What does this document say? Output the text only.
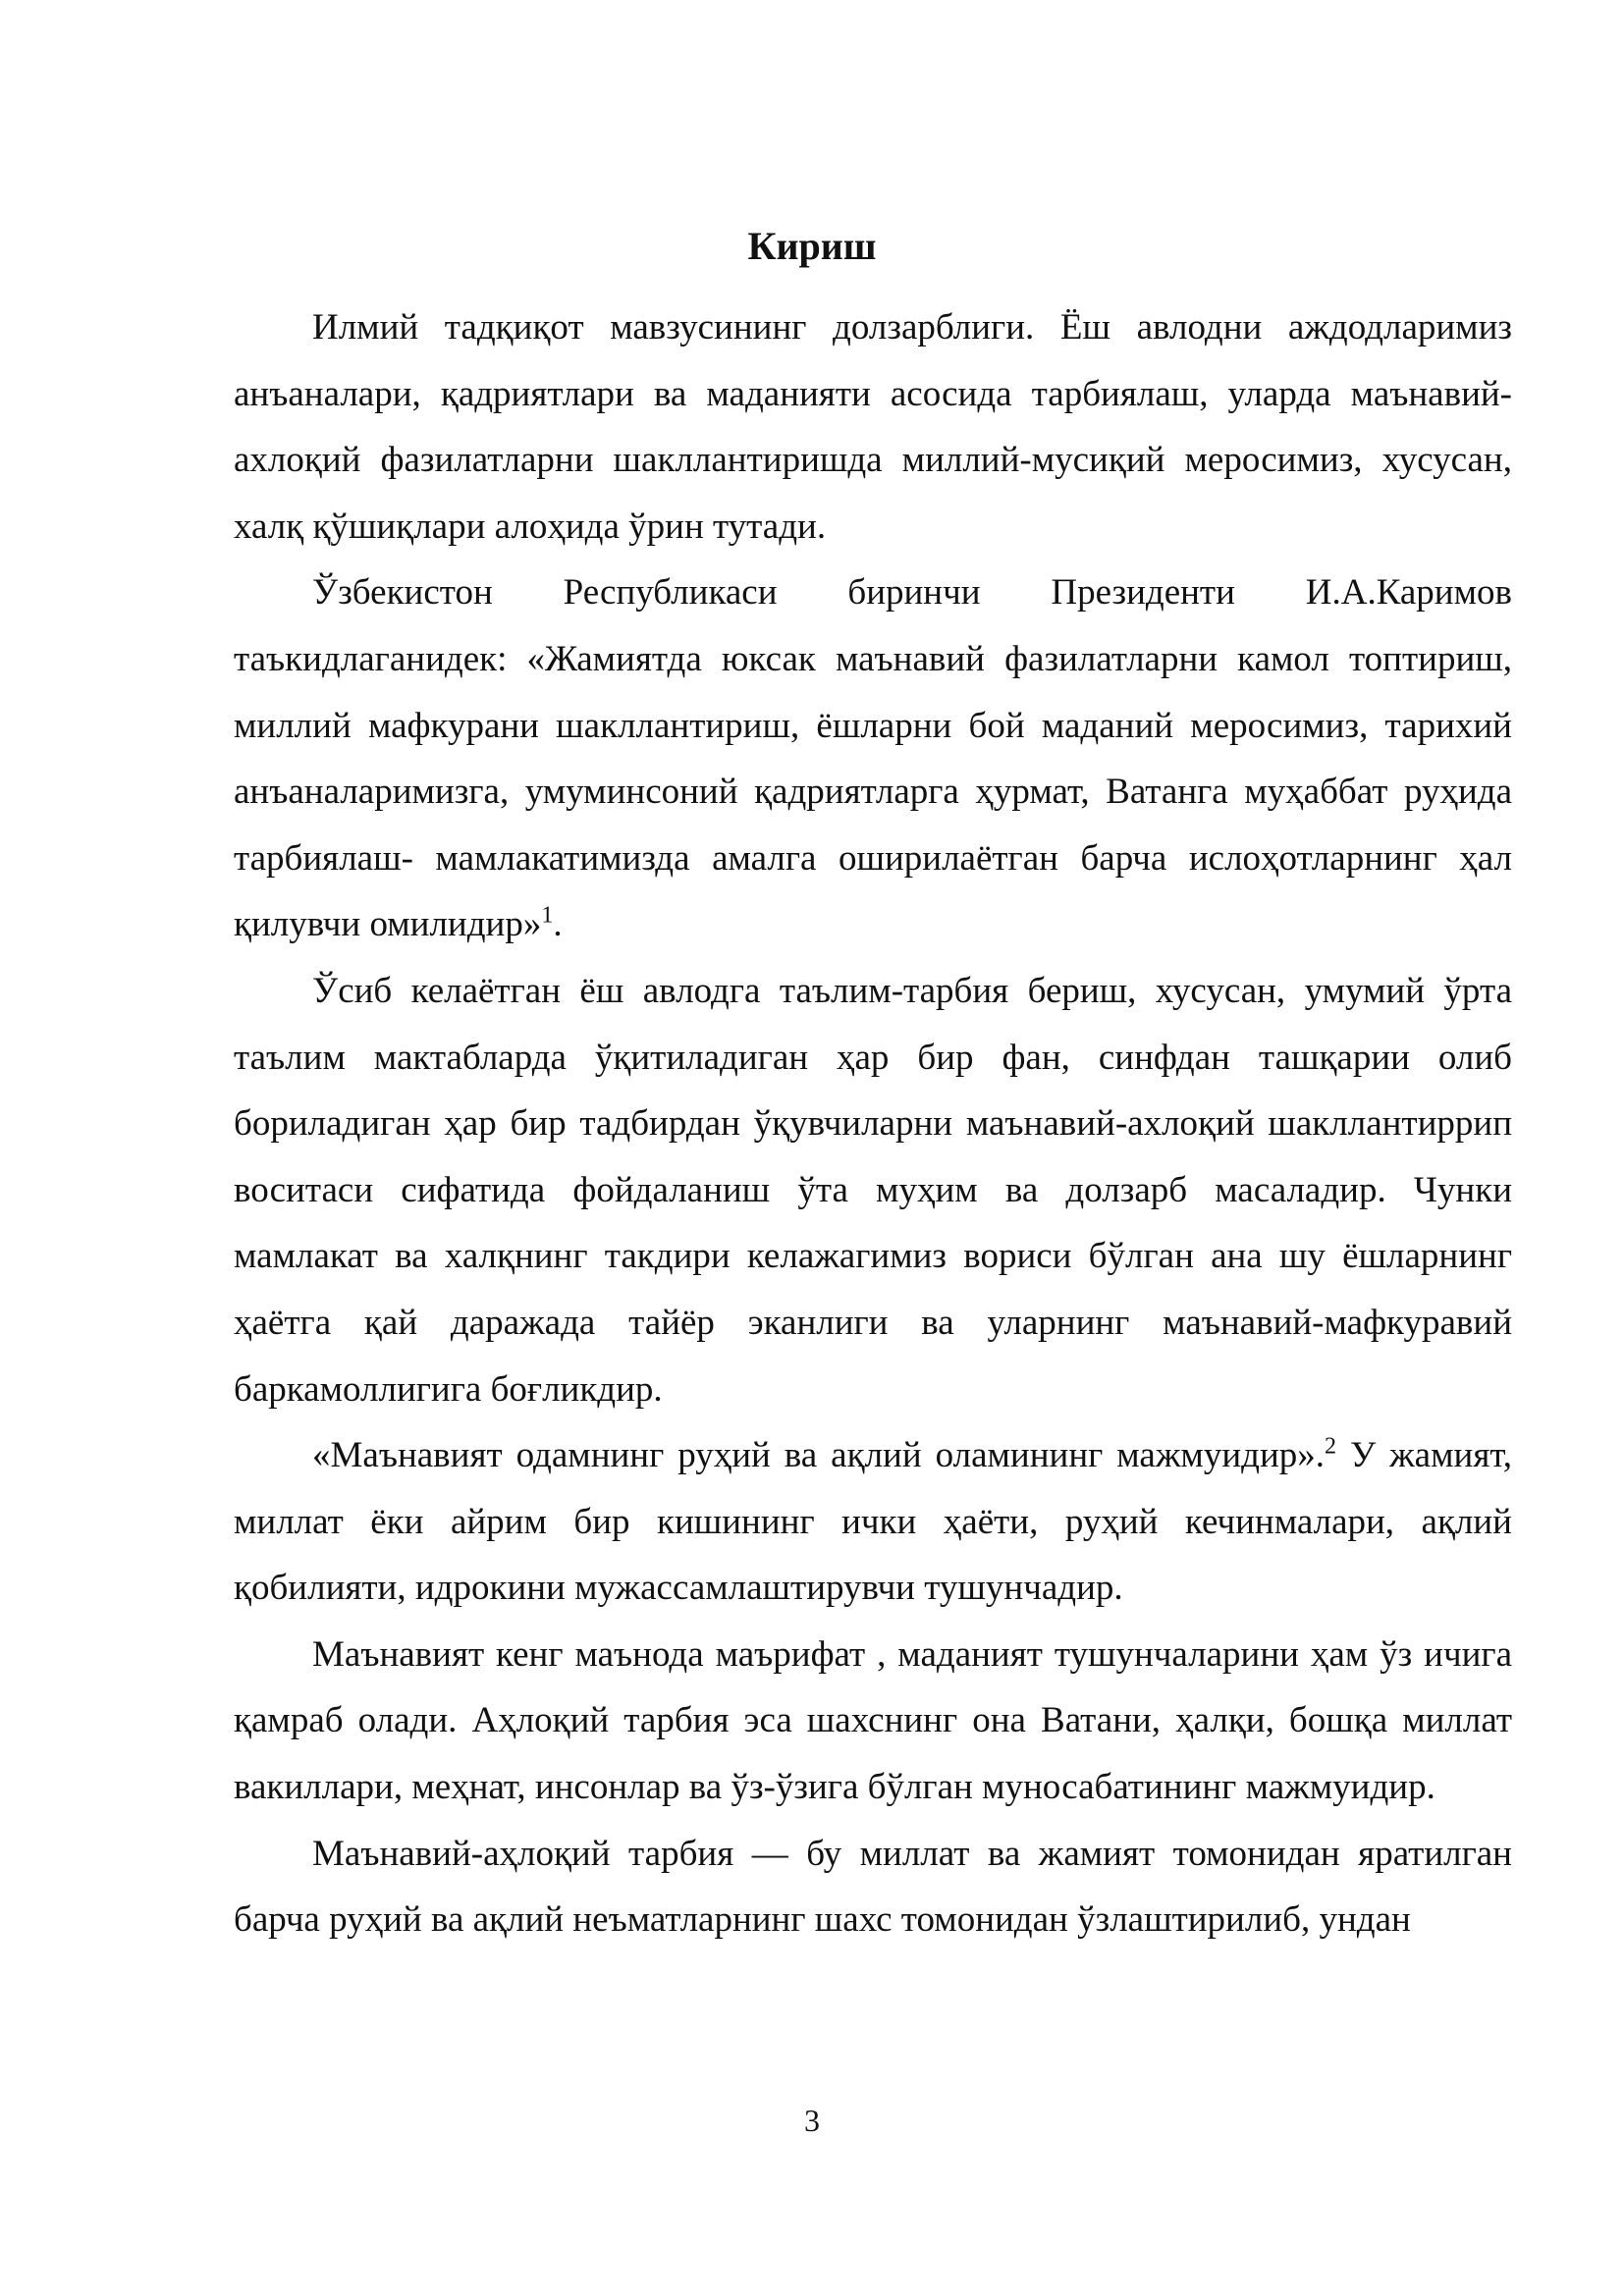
Кириш

Илмий тадқиқот мавзусининг долзарблиги. Ёш авлодни аждодларимиз анъаналари, қадриятлари ва маданияти асосида тарбиялаш, уларда маънавий-ахлоқий фазилатларни шакллантиришда миллий-мусиқий меросимиз, хусусан, халқ қўшиқлари алоҳида ўрин тутади.

Ўзбекистон Республикаси биринчи Президенти И.А.Каримов таъкидлаганидек: «Жамиятда юксак маънавий фазилатларни камол топтириш, миллий мафкурани шакллантириш, ёшларни бой маданий меросимиз, тарихий анъаналаримизга, умуминсоний қадриятларга ҳурмат, Ватанга муҳаббат руҳида тарбиялаш- мамлакатимизда амалга оширилаётган барча ислоҳотларнинг ҳал қилувчи омилидир»$^1$.

Ўсиб келаётган ёш авлодга таълим-тарбия бериш, хусусан, умумий ўрта таълим мактабларда ўқитиладиган ҳар бир фан, синфдан ташқарии олиб бориладиган ҳар бир тадбирдан ўқувчиларни маънавий-ахлоқий шакллантиррип воситаси сифатида фойдаланиш ўта муҳим ва долзарб масаладир. Чунки мамлакат ва халқнинг такдири келажагимиз вориси бўлган ана шу ёшларнинг ҳаётга қай даражада тайёр эканлиги ва уларнинг маънавий-мафкуравий баркамоллигига боғликдир.

«Маънавият одамнинг руҳий ва ақлий оламининг мажмуидир».$^2$ У жамият, миллат ёки айрим бир кишининг ички ҳаёти, руҳий кечинмалари, ақлий қобилияти, идрокини мужассамлаштирувчи тушунчадир.

Маънавият кенг маънода маърифат , маданият тушунчаларини ҳам ўз ичига қамраб олади. Аҳлоқий тарбия эса шахснинг она Ватани, ҳалқи, бошқа миллат вакиллари, меҳнат, инсонлар ва ўз-ўзига бўлган муносабатининг мажмуидир.

Маънавий-аҳлоқий тарбия — бу миллат ва жамият томонидан яратилган барча руҳий ва ақлий неъматларнинг шахс томонидан ўзлаштирилиб, ундан

3
